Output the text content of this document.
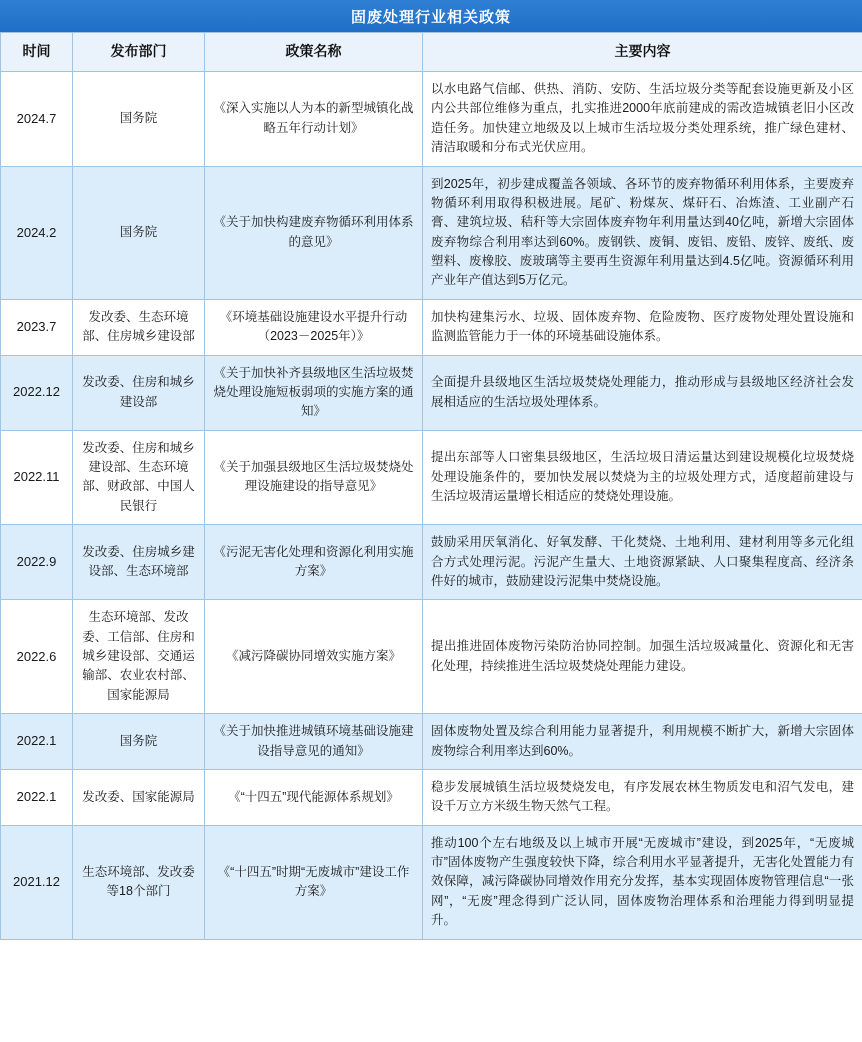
固废处理行业相关政策
时间	发布部门	政策名称	主要内容
2024.7	国务院	《深入实施以人为本的新型城镇化战略五年行动计划》	以水电路气信邮、供热、消防、安防、生活垃圾分类等配套设施更新及小区内公共部位维修为重点，扎实推进2000年底前建成的需改造城镇老旧小区改造任务。加快建立地级及以上城市生活垃圾分类处理系统，推广绿色建材、清洁取暖和分布式光伏应用。
2024.2	国务院	《关于加快构建废弃物循环利用体系的意见》	到2025年，初步建成覆盖各领域、各环节的废弃物循环利用体系，主要废弃物循环利用取得积极进展。尾矿、粉煤灰、煤矸石、冶炼渣、工业副产石膏、建筑垃圾、秸秆等大宗固体废弃物年利用量达到40亿吨，新增大宗固体废弃物综合利用率达到60%。废钢铁、废铜、废铝、废铅、废锌、废纸、废塑料、废橡胶、废玻璃等主要再生资源年利用量达到4.5亿吨。资源循环利用产业年产值达到5万亿元。
2023.7	发改委、生态环境部、住房城乡建设部	《环境基础设施建设水平提升行动（2023－2025年）》	加快构建集污水、垃圾、固体废弃物、危险废物、医疗废物处理处置设施和监测监管能力于一体的环境基础设施体系。
2022.12	发改委、住房和城乡建设部	《关于加快补齐县级地区生活垃圾焚烧处理设施短板弱项的实施方案的通知》	全面提升县级地区生活垃圾焚烧处理能力，推动形成与县级地区经济社会发展相适应的生活垃圾处理体系。
2022.11	发改委、住房和城乡建设部、生态环境部、财政部、中国人民银行	《关于加强县级地区生活垃圾焚烧处理设施建设的指导意见》	提出东部等人口密集县级地区，生活垃圾日清运量达到建设规模化垃圾焚烧处理设施条件的，要加快发展以焚烧为主的垃圾处理方式，适度超前建设与生活垃圾清运量增长相适应的焚烧处理设施。
2022.9	发改委、住房城乡建设部、生态环境部	《污泥无害化处理和资源化利用实施方案》	鼓励采用厌氧消化、好氧发酵、干化焚烧、土地利用、建材利用等多元化组合方式处理污泥。污泥产生量大、土地资源紧缺、人口聚集程度高、经济条件好的城市，鼓励建设污泥集中焚烧设施。
2022.6	生态环境部、发改委、工信部、住房和城乡建设部、交通运输部、农业农村部、国家能源局	《减污降碳协同增效实施方案》	提出推进固体废物污染防治协同控制。加强生活垃圾减量化、资源化和无害化处理，持续推进生活垃圾焚烧处理能力建设。
2022.1	国务院	《关于加快推进城镇环境基础设施建设指导意见的通知》	固体废物处置及综合利用能力显著提升，利用规模不断扩大，新增大宗固体废物综合利用率达到60%。
2022.1	发改委、国家能源局	《“十四五”现代能源体系规划》	稳步发展城镇生活垃圾焚烧发电，有序发展农林生物质发电和沼气发电，建设千万立方米级生物天然气工程。
2021.12	生态环境部、发改委等18个部门	《“十四五”时期“无废城市”建设工作方案》	推动100个左右地级及以上城市开展“无废城市”建设，到2025年，“无废城市”固体废物产生强度较快下降，综合利用水平显著提升，无害化处置能力有效保障，减污降碳协同增效作用充分发挥，基本实现固体废物管理信息“一张网”，“无废”理念得到广泛认同，固体废物治理体系和治理能力得到明显提升。
